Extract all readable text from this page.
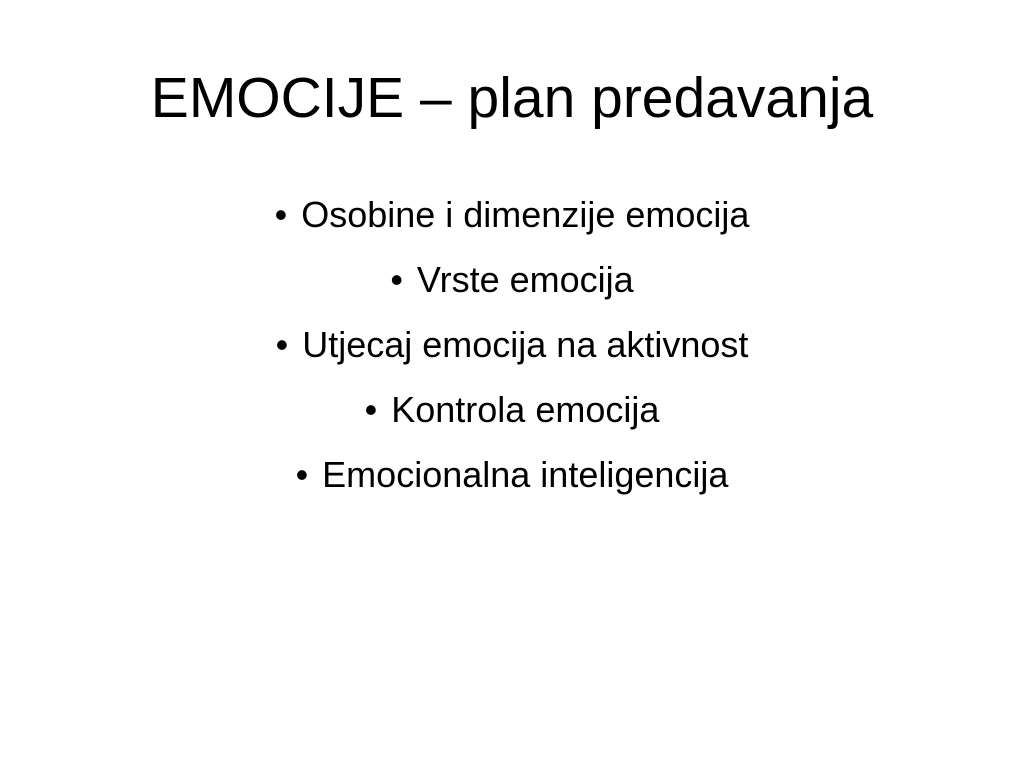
EMOCIJE – plan predavanja
• Osobine i dimenzije emocija
• Vrste emocija
• Utjecaj emocija na aktivnost
• Kontrola emocija
• Emocionalna inteligencija
